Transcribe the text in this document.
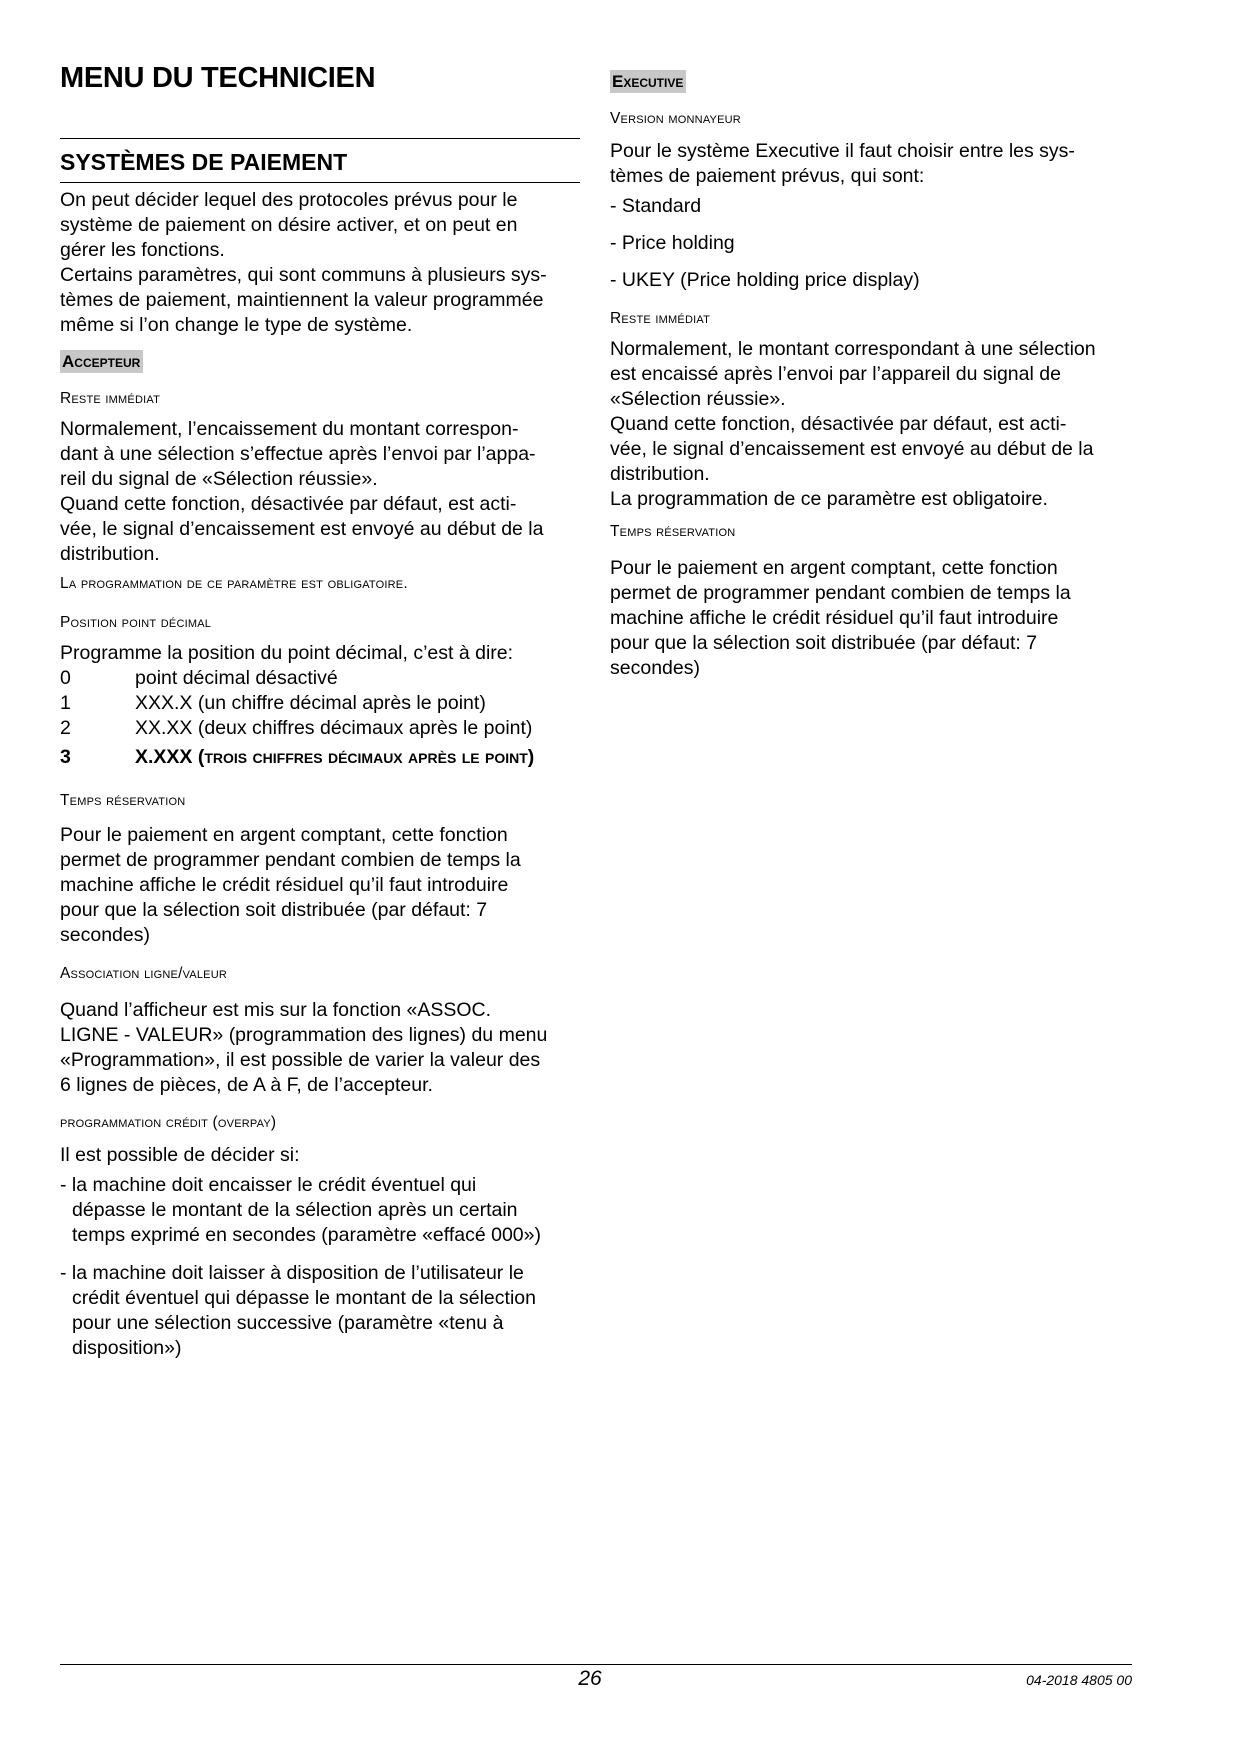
MENU DU TECHNICIEN
SYSTÈMES DE PAIEMENT

On peut décider lequel des protocoles prévus pour le
système de paiement on désire activer, et on peut en
gérer les fonctions.
Certains paramètres, qui sont communs à plusieurs sys-
tèmes de paiement, maintiennent la valeur programmée
même si l’on change le type de système.

Accepteur
Reste immédiat

Normalement, l’encaissement du montant correspon-
dant à une sélection s’effectue après l’envoi par l’appa-
reil du signal de «Sélection réussie».
Quand cette fonction, désactivée par défaut, est acti-
vée, le signal d’encaissement est envoyé au début de la
distribution.

La programmation de ce paramètre est obligatoire.
Position point décimal

Programme la position du point décimal, c’est à dire:

0	point décimal désactivé
1	XXX.X (un chiffre décimal après le point)
2	XX.XX (deux chiffres décimaux après le point)
3	X.XXX (trois chiffres décimaux après le point)
Temps réservation

Pour le paiement en argent comptant, cette fonction
permet de programmer pendant combien de temps la
machine affiche le crédit résiduel qu’il faut introduire
pour que la sélection soit distribuée (par défaut: 7
secondes)

Association ligne/valeur

Quand l’afficheur est mis sur la fonction «ASSOC.
LIGNE - VALEUR» (programmation des lignes) du menu
«Programmation», il est possible de varier la valeur des
6 lignes de pièces, de A à F, de l’accepteur.

programmation crédit (overpay)

Il est possible de décider si:

- la machine doit encaisser le crédit éventuel qui
dépasse le montant de la sélection après un certain
temps exprimé en secondes (paramètre «effacé 000»)

- la machine doit laisser à disposition de l’utilisateur le
crédit éventuel qui dépasse le montant de la sélection
pour une sélection successive (paramètre «tenu à
disposition»)

Executive
Version monnayeur

Pour le système Executive il faut choisir entre les sys-
tèmes de paiement prévus, qui sont:

- Standard

- Price holding

- UKEY (Price holding price display)

Reste immédiat

Normalement, le montant correspondant à une sélection
est encaissé après l’envoi par l’appareil du signal de
«Sélection réussie».
Quand cette fonction, désactivée par défaut, est acti-
vée, le signal d’encaissement est envoyé au début de la
distribution.
La programmation de ce paramètre est obligatoire.

Temps réservation

Pour le paiement en argent comptant, cette fonction
permet de programmer pendant combien de temps la
machine affiche le crédit résiduel qu’il faut introduire
pour que la sélection soit distribuée (par défaut: 7
secondes)

26	04-2018 4805 00
